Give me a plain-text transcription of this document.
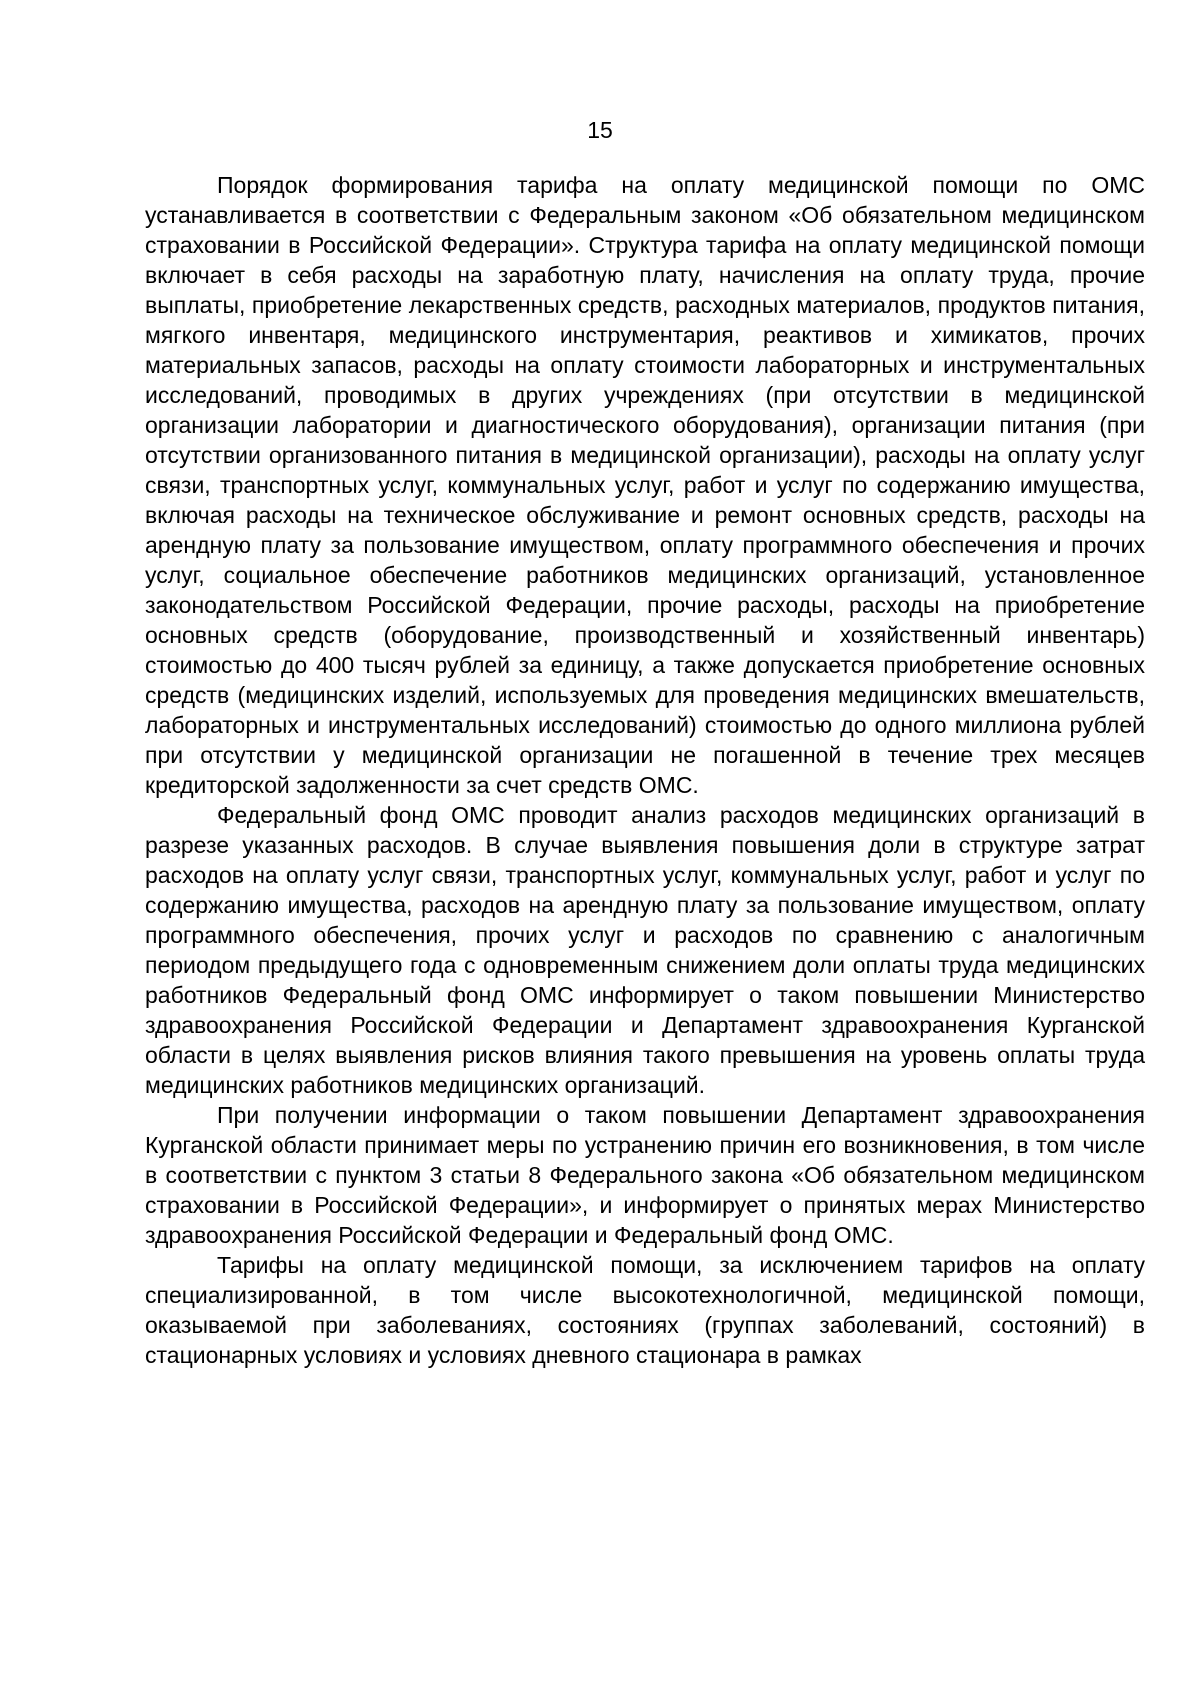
15

Порядок формирования тарифа на оплату медицинской помощи по ОМС устанавливается в соответствии с Федеральным законом «Об обязательном медицинском страховании в Российской Федерации». Структура тарифа на оплату медицинской помощи включает в себя расходы на заработную плату, начисления на оплату труда, прочие выплаты, приобретение лекарственных средств, расходных материалов, продуктов питания, мягкого инвентаря, медицинского инструментария, реактивов и химикатов, прочих материальных запасов, расходы на оплату стоимости лабораторных и инструментальных исследований, проводимых в других учреждениях (при отсутствии в медицинской организации лаборатории и диагностического оборудования), организации питания (при отсутствии организованного питания в медицинской организации), расходы на оплату услуг связи, транспортных услуг, коммунальных услуг, работ и услуг по содержанию имущества, включая расходы на техническое обслуживание и ремонт основных средств, расходы на арендную плату за пользование имуществом, оплату программного обеспечения и прочих услуг, социальное обеспечение работников медицинских организаций, установленное законодательством Российской Федерации, прочие расходы, расходы на приобретение основных средств (оборудование, производственный и хозяйственный инвентарь) стоимостью до 400 тысяч рублей за единицу, а также допускается приобретение основных средств (медицинских изделий, используемых для проведения медицинских вмешательств, лабораторных и инструментальных исследований) стоимостью до одного миллиона рублей при отсутствии у медицинской организации не погашенной в течение трех месяцев кредиторской задолженности за счет средств ОМС.

Федеральный фонд ОМС проводит анализ расходов медицинских организаций в разрезе указанных расходов. В случае выявления повышения доли в структуре затрат расходов на оплату услуг связи, транспортных услуг, коммунальных услуг, работ и услуг по содержанию имущества, расходов на арендную плату за пользование имуществом, оплату программного обеспечения, прочих услуг и расходов по сравнению с аналогичным периодом предыдущего года с одновременным снижением доли оплаты труда медицинских работников Федеральный фонд ОМС информирует о таком повышении Министерство здравоохранения Российской Федерации и Департамент здравоохранения Курганской области в целях выявления рисков влияния такого превышения на уровень оплаты труда медицинских работников медицинских организаций.

При получении информации о таком повышении Департамент здравоохранения Курганской области принимает меры по устранению причин его возникновения, в том числе в соответствии с пунктом 3 статьи 8 Федерального закона «Об обязательном медицинском страховании в Российской Федерации», и информирует о принятых мерах Министерство здравоохранения Российской Федерации и Федеральный фонд ОМС.

Тарифы на оплату медицинской помощи, за исключением тарифов на оплату специализированной, в том числе высокотехнологичной, медицинской помощи, оказываемой при заболеваниях, состояниях (группах заболеваний, состояний) в стационарных условиях и условиях дневного стационара в рамках
